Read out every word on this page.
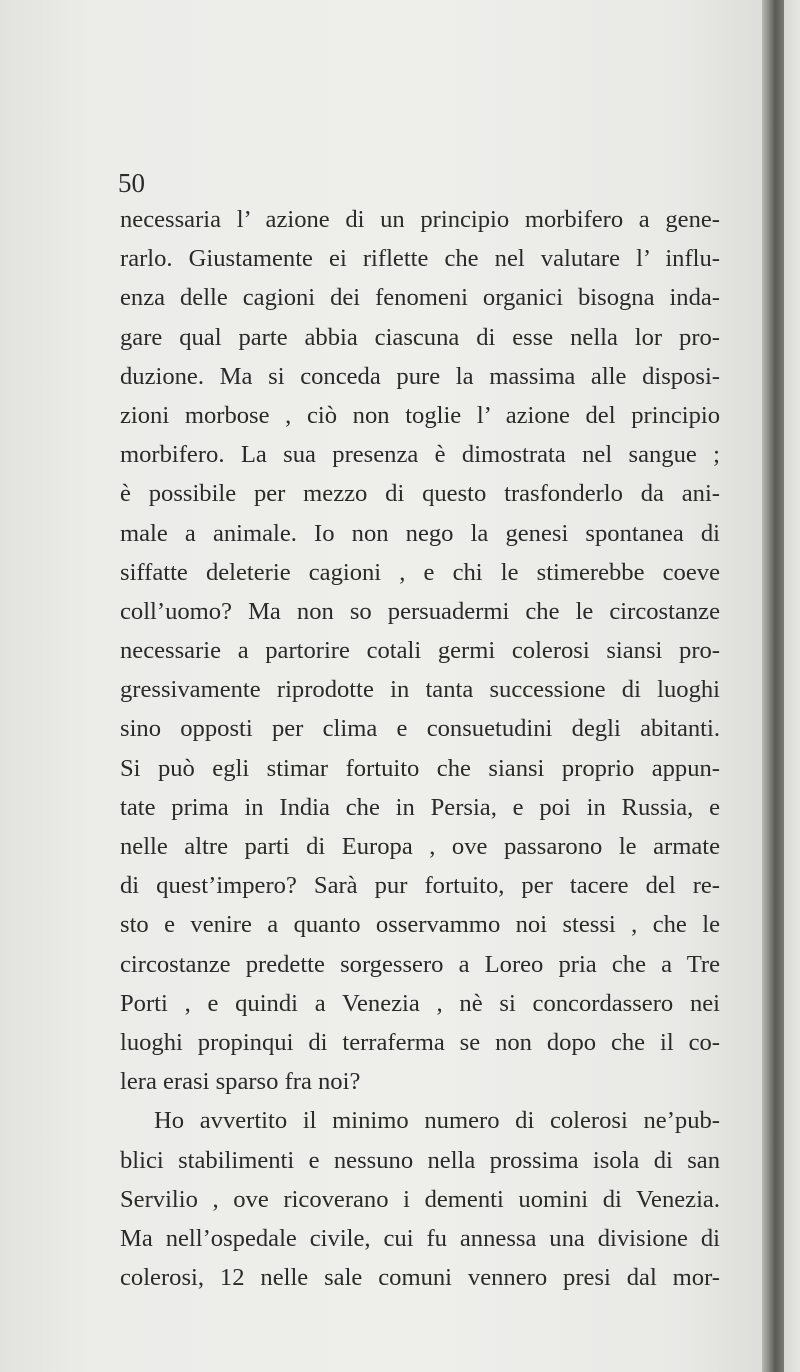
50

necessaria l’ azione di un principio morbifero a gene-
rarlo. Giustamente ei riflette che nel valutare l’ influ-
enza delle cagioni dei fenomeni organici bisogna inda-
gare qual parte abbia ciascuna di esse nella lor pro-
duzione. Ma si conceda pure la massima alle disposi-
zioni morbose , ciò non toglie l’ azione del principio
morbifero. La sua presenza è dimostrata nel sangue ;
è possibile per mezzo di questo trasfonderlo da ani-
male a animale. Io non nego la genesi spontanea di
siffatte deleterie cagioni , e chi le stimerebbe coeve
coll’uomo? Ma non so persuadermi che le circostanze
necessarie a partorire cotali germi colerosi siansi pro-
gressivamente riprodotte in tanta successione di luoghi
sino opposti per clima e consuetudini degli abitanti.
Si può egli stimar fortuito che siansi proprio appun-
tate prima in India che in Persia, e poi in Russia, e
nelle altre parti di Europa , ove passarono le armate
di quest’impero? Sarà pur fortuito, per tacere del re-
sto e venire a quanto osservammo noi stessi , che le
circostanze predette sorgessero a Loreo pria che a Tre
Porti , e quindi a Venezia , nè si concordassero nei
luoghi propinqui di terraferma se non dopo che il co-
lera erasi sparso fra noi?
Ho avvertito il minimo numero di colerosi ne’pub-
blici stabilimenti e nessuno nella prossima isola di san
Servilio , ove ricoverano i dementi uomini di Venezia.
Ma nell’ospedale civile, cui fu annessa una divisione di
colerosi, 12 nelle sale comuni vennero presi dal mor-
